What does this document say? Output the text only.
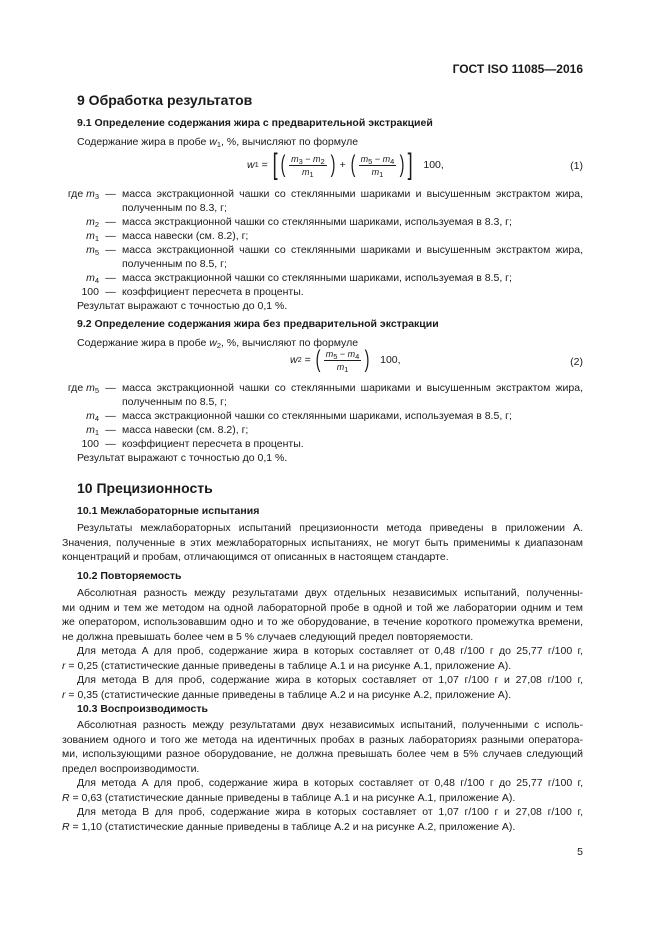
ГОСТ ISO 11085—2016
9 Обработка результатов
9.1 Определение содержания жира с предварительной экстракцией
Содержание жира в пробе $w_1$, %, вычисляют по формуле
w 1 = [ ( $\frac{m_3 - m_2}{m_1}$ ) + ( $\frac{m_5 - m_4}{m_1}$ ) ]
100,	(1)
где $m_3$ — масса экстракционной чашки со стеклянными шариками и высушенным экстрактом жира,
полученным по 8.3, г;
$m_2$ — масса экстракционной чашки со стеклянными шариками, используемая в 8.3, г;
$m_1$ — масса навески (см. 8.2), г;
$m_5$ — масса экстракционной чашки со стеклянными шариками и высушенным экстрактом жира,
полученным по 8.5, г;
$m_4$ — масса экстракционной чашки со стеклянными шариками, используемая в 8.5, г;
100 — коэффициент пересчета в проценты.
Результат выражают с точностью до 0,1 %.
9.2 Определение содержания жира без предварительной экстракции
Содержание жира в пробе $w_2$, %, вычисляют по формуле
w 2 = ( $\frac{m_5 - m_4}{m_1}$ )
100,	(2)
где $m_5$ — масса экстракционной чашки со стеклянными шариками и высушенным экстрактом жира,
полученным по 8.5, г;
$m_4$ — масса экстракционной чашки со стеклянными шариками, используемая в 8.5, г;
$m_1$ — масса навески (см. 8.2), г;
100 — коэффициент пересчета в проценты.
Результат выражают с точностью до 0,1 %.
10 Прецизионность
10.1 Межлабораторные испытания
Результаты межлабораторных испытаний прецизионности метода приведены в приложении А.
Значения, полученные в этих межлабораторных испытаниях, не могут быть применимы к диапазонам
концентраций и пробам, отличающимся от описанных в настоящем стандарте.
10.2 Повторяемость
Абсолютная разность между результатами двух отдельных независимых испытаний, полученны-
ми одним и тем же методом на одной лабораторной пробе в одной и той же лаборатории одним и тем
же оператором, использовавшим одно и то же оборудование, в течение короткого промежутка времени,
не должна превышать более чем в 5 % случаев следующий предел повторяемости.
Для метода А для проб, содержание жира в которых составляет от 0,48 г/100 г до 25,77 г/100 г,
r = 0,25 (статистические данные приведены в таблице А.1 и на рисунке А.1, приложение А).
Для метода В для проб, содержание жира в которых составляет от 1,07 г/100 г и 27,08 г/100 г,
r = 0,35 (статистические данные приведены в таблице А.2 и на рисунке А.2, приложение А).
10.3 Воспроизводимость
Абсолютная разность между результатами двух независимых испытаний, полученными с исполь-
зованием одного и того же метода на идентичных пробах в разных лабораториях разными оператора-
ми, использующими разное оборудование, не должна превышать более чем в 5% случаев следующий
предел воспроизводимости.
Для метода А для проб, содержание жира в которых составляет от 0,48 г/100 г до 25,77 г/100 г,
R = 0,63 (статистические данные приведены в таблице А.1 и на рисунке А.1, приложение А).
Для метода В для проб, содержание жира в которых составляет от 1,07 г/100 г и 27,08 г/100 г,
R = 1,10 (статистические данные приведены в таблице А.2 и на рисунке А.2, приложение А).
5
